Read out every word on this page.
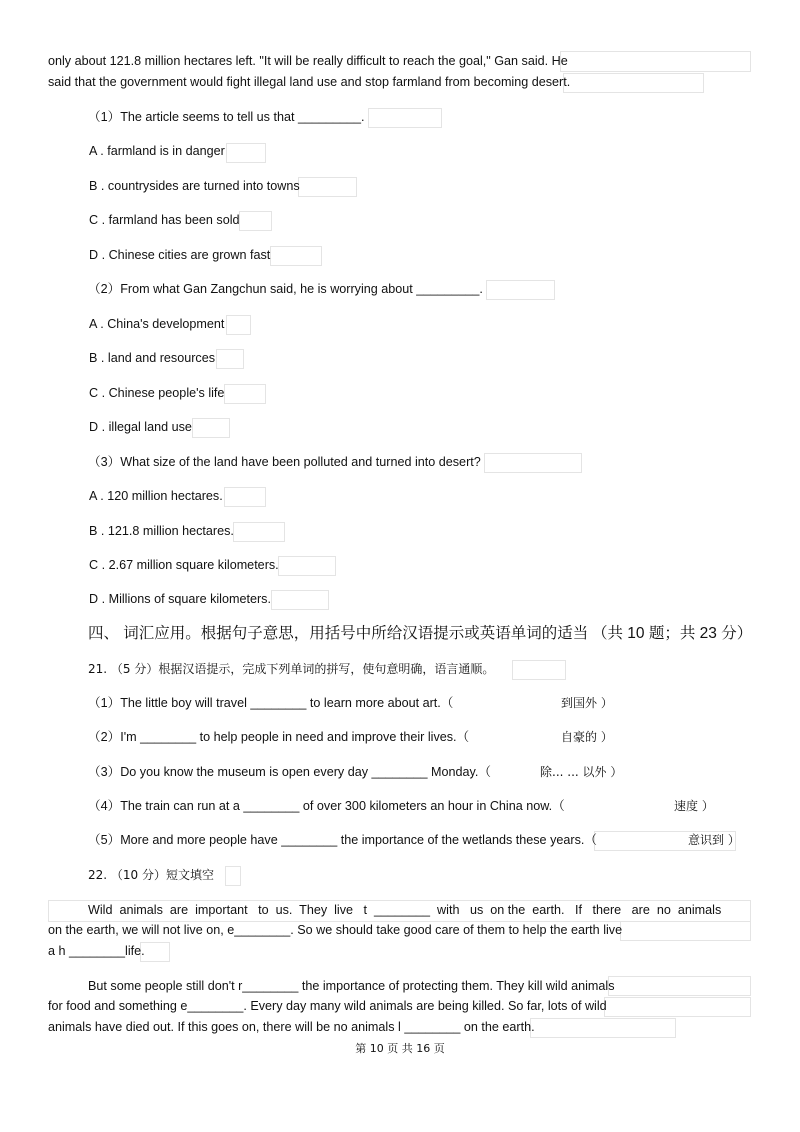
only about 121.8 million hectares left. "It will be really difficult to reach the goal," Gan said. He
said that the government would fight illegal land use and stop farmland from becoming desert.
（1）The article seems to tell us that _________.
A . farmland is in danger
B . countrysides are turned into towns
C . farmland has been sold
D . Chinese cities are grown fast
（2）From what Gan Zangchun said, he is worrying about _________.
A . China's development
B . land and resources
C . Chinese people's life
D . illegal land use
（3）What size of the land have been polluted and turned into desert?
A . 120 million hectares.
B . 121.8 million hectares.
C . 2.67 million square kilometers.
D . Millions of square kilometers.
四、 词汇应用。根据句子意思，用括号中所给汉语提示或英语单词的适当 （共 10 题；共 23 分）
21. （5 分）根据汉语提示，完成下列单词的拼写，使句意明确，语言通顺。
（1）The little boy will travel ________ to learn more about art.（	到国外 ）
（2）I'm ________ to help people in need and improve their lives.（	自豪的 ）
（3）Do you know the museum is open every day ________ Monday.（	除... ... 以外 ）
（4）The train can run at a ________ of over 300 kilometers an hour in China now.（	速度 ）
（5）More and more people have ________ the importance of the wetlands these years.（	意识到 ）
22. （10 分）短文填空
Wild  animals  are  important   to  us.  They  live   t  ________  with   us  on the  earth.   If   there   are  no  animals
on the earth, we will not live on, e________. So we should take good care of them to help the earth live
a h ________life.
But some people still don't r________ the importance of protecting them. They kill wild animals
for food and something e________. Every day many wild animals are being killed. So far, lots of wild
animals have died out. If this goes on, there will be no animals l ________ on the earth.
第 10 页 共 16 页
